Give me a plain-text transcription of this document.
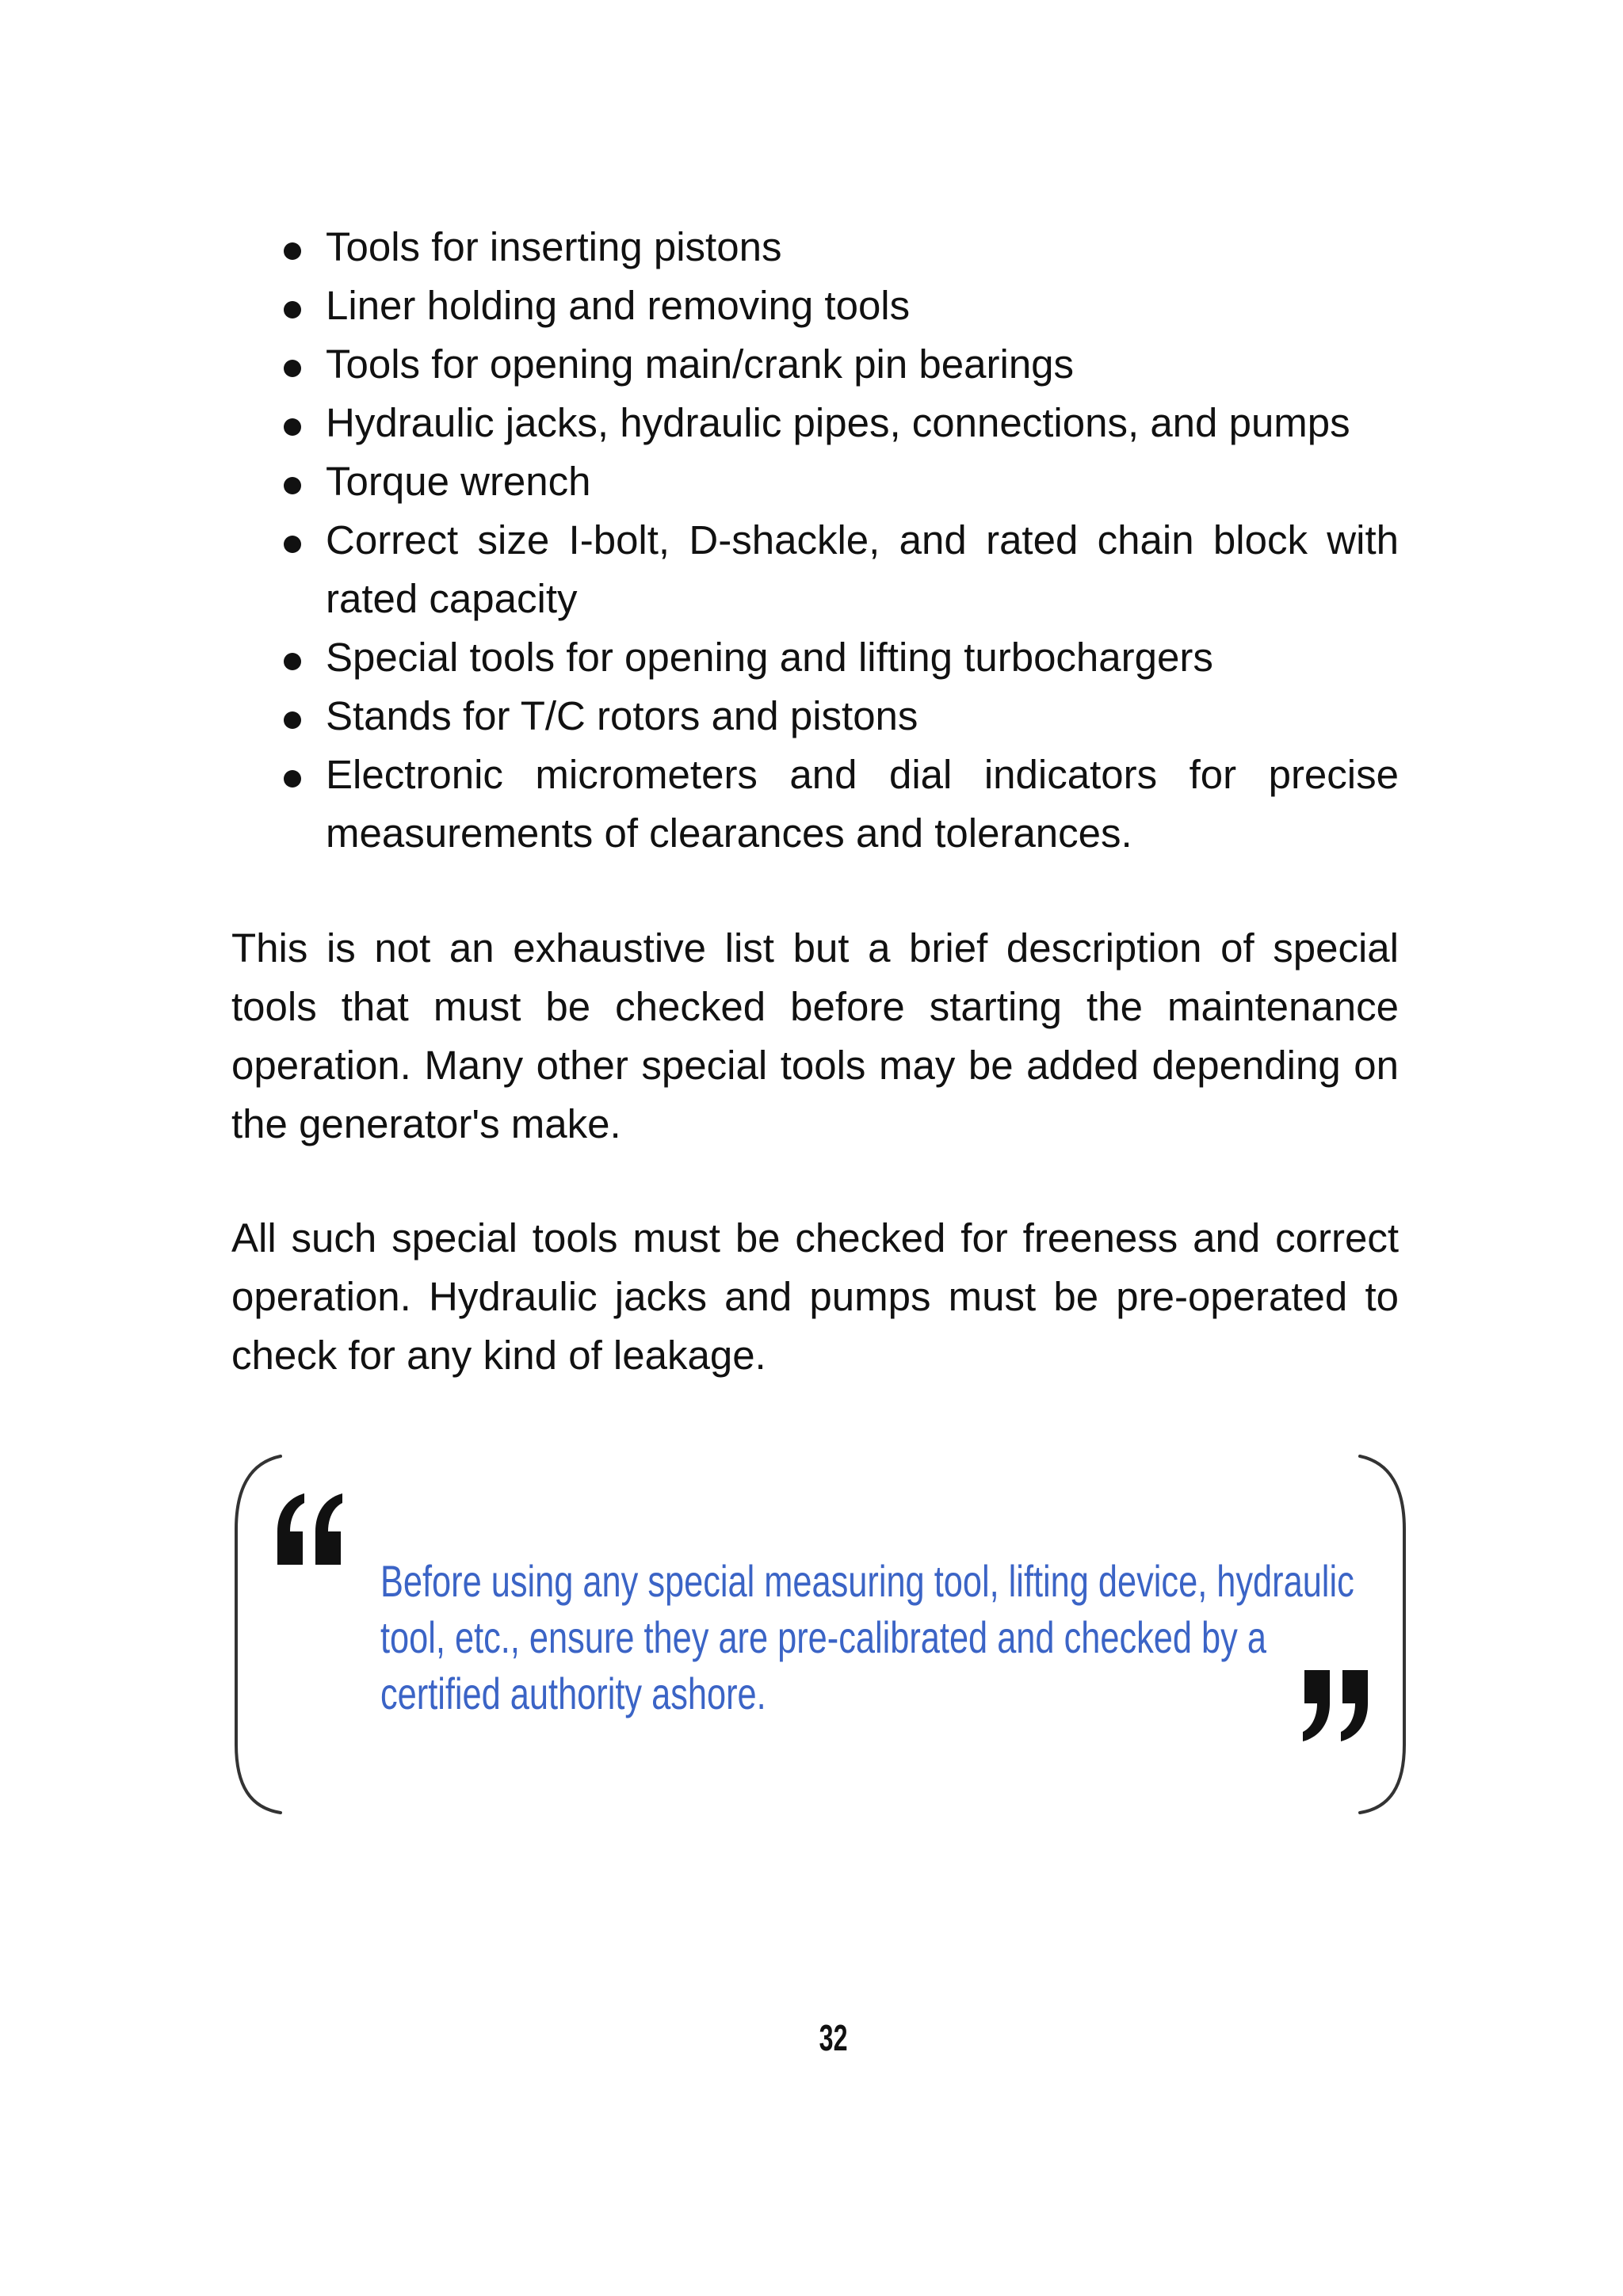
Tools for inserting pistons
Liner holding and removing tools
Tools for opening main/crank pin bearings
Hydraulic jacks, hydraulic pipes, connections, and pumps
Torque wrench
Correct size I-bolt, D-shackle, and rated chain block with rated capacity
Special tools for opening and lifting turbochargers
Stands for T/C rotors and pistons
Electronic micrometers and dial indicators for precise measurements of clearances and tolerances.

This is not an exhaustive list but a brief description of special tools that must be checked before starting the maintenance operation. Many other special tools may be added depending on the generator's make.

All such special tools must be checked for freeness and correct operation. Hydraulic jacks and pumps must be pre-operated to check for any kind of leakage.

Before using any special measuring tool, lifting device, hydraulic
tool, etc., ensure they are pre-calibrated and checked by a
certified authority ashore.
32
